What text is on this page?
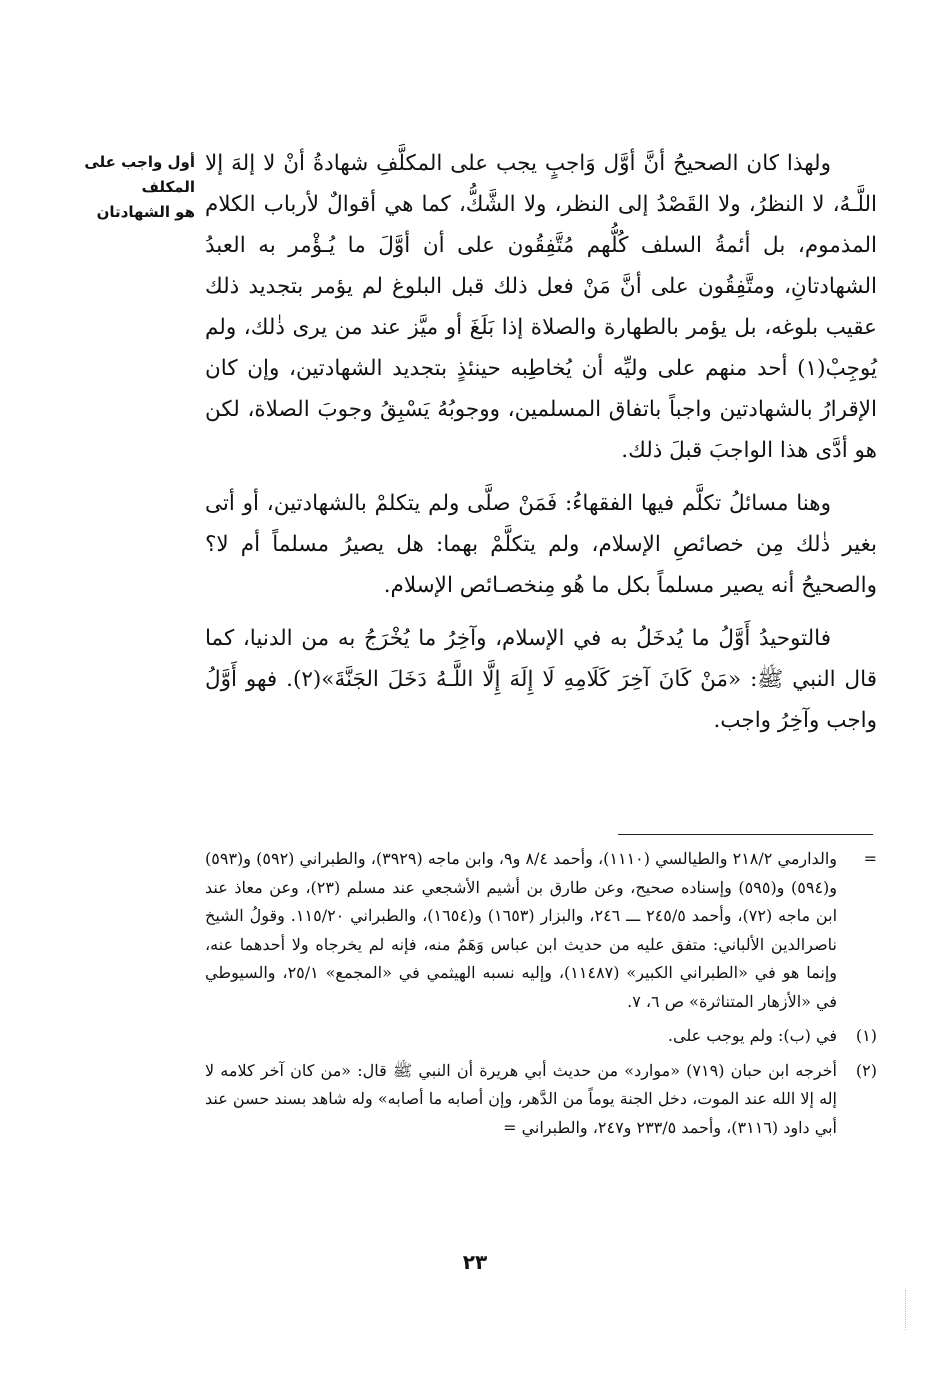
أول واجب على
المكلف
هو الشهادتان

ولهذا كان الصحيحُ أنَّ أوَّل وَاجبٍ يجب على المكلَّفِ شهادةُ أنْ لا إلهَ إلا اللَّـهُ، لا النظرُ، ولا القَصْدُ إلى النظر، ولا الشَّكُّ، كما هي أقوالٌ لأرباب الكلام المذموم، بل أئمةُ السلف كُلُّهم مُتَّفِقُون على أن أوَّلَ ما يُـؤْمر به العبدُ الشهادتانِ، ومتَّفِقُون على أنَّ مَنْ فعل ذلك قبل البلوغ لم يؤمر بتجديد ذلك عقيب بلوغه، بل يؤمر بالطهارة والصلاة إذا بَلَغَ أو ميَّز عند من يرى ذٰلك، ولم يُوجِبْ(١) أحد منهم على وليِّه أن يُخاطِبه حينئذٍ بتجديد الشهادتين، وإن كان الإقرارُ بالشهادتين واجباً باتفاق المسلمين، ووجوبُهُ يَسْبِقُ وجوبَ الصلاة، لكن هو أدَّى هذا الواجبَ قبلَ ذلك.

وهنا مسائلُ تكلَّم فيها الفقهاءُ: فَمَنْ صلَّى ولم يتكلمْ بالشهادتين، أو أتى بغير ذٰلك مِن خصائصِ الإسلام، ولم يتكلَّمْ بهما: هل يصيرُ مسلماً أم لا؟ والصحيحُ أنه يصير مسلماً بكل ما هُو مِنخصـائص الإسلام.

فالتوحيدُ أَوَّلُ ما يُدخَلُ به في الإسلام، وآخِرُ ما يُخْرَجُ به من الدنيا، كما قال النبي ﷺ: «مَنْ كَانَ آخِرَ كَلَامِهِ لَا إِلَهَ إِلَّا اللَّـهُ دَخَلَ الجَنَّةَ»(٢). فهو أَوَّلُ واجب وآخِرُ واجب.

=
والدارمي ٢١٨/٢ والطيالسي (١١١٠)، وأحمد ٨/٤ و٩، وابن ماجه (٣٩٢٩)، والطبراني (٥٩٢) و(٥٩٣) و(٥٩٤) و(٥٩٥) وإسناده صحيح، وعن طارق بن أشيم الأشجعي عند مسلم (٢٣)، وعن معاذ عند ابن ماجه (٧٢)، وأحمد ٢٤٥/٥ ـــ ٢٤٦، والبزار (١٦٥٣) و(١٦٥٤)، والطبراني ١١٥/٢٠. وقولُ الشيخ ناصرالدين الألباني: متفق عليه من حديث ابن عباس وَهَمٌ منه، فإنه لم يخرجاه ولا أحدهما عنه، وإنما هو في «الطبراني الكبير» (١١٤٨٧)، وإليه نسبه الهيثمي في «المجمع» ٢٥/١، والسيوطي في «الأزهار المتناثرة» ص ٦، ٧.
(١)
في (ب): ولم يوجب على.
(٢)
أخرجه ابن حبان (٧١٩) «موارد» من حديث أبي هريرة أن النبي ﷺ قال: «من كان آخر كلامه لا إله إلا الله عند الموت، دخل الجنة يوماً من الدَّهر، وإن أصابه ما أصابه» وله شاهد بسند حسن عند أبي داود (٣١١٦)، وأحمد ٢٣٣/٥ و٢٤٧، والطبراني =
٢٣
